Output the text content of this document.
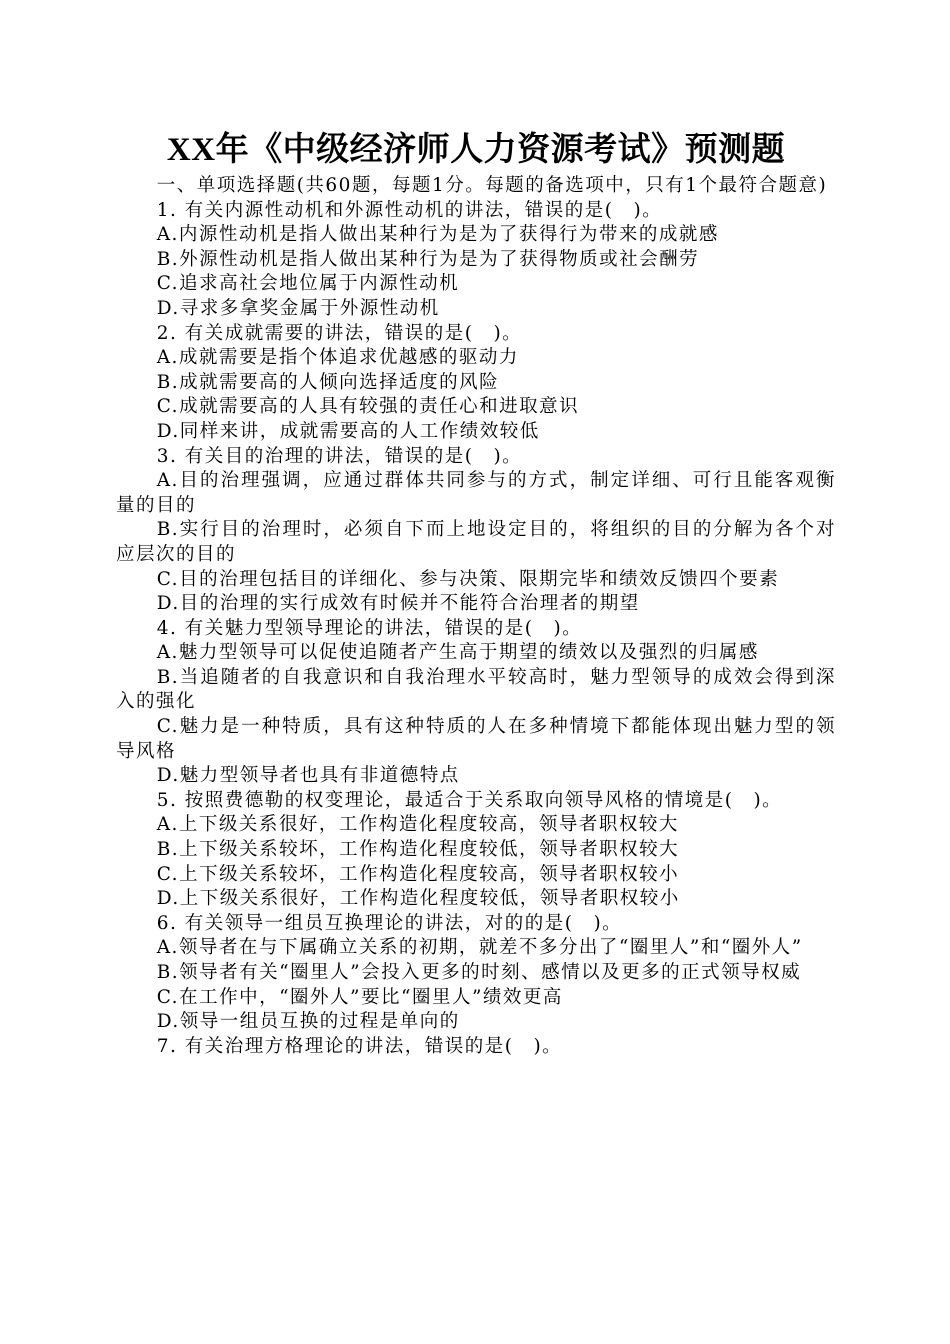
XX年《中级经济师人力资源考试》预测题

一、单项选择题(共60题，每题1分。每题的备选项中，只有1个最符合题意)

1. 有关内源性动机和外源性动机的讲法，错误的是(　)。

A.内源性动机是指人做出某种行为是为了获得行为带来的成就感

B.外源性动机是指人做出某种行为是为了获得物质或社会酬劳

C.追求高社会地位属于内源性动机

D.寻求多拿奖金属于外源性动机

2. 有关成就需要的讲法，错误的是(　)。

A.成就需要是指个体追求优越感的驱动力

B.成就需要高的人倾向选择适度的风险

C.成就需要高的人具有较强的责任心和进取意识

D.同样来讲，成就需要高的人工作绩效较低

3. 有关目的治理的讲法，错误的是(　)。

A.目的治理强调，应通过群体共同参与的方式，制定详细、可行且能客观衡量的目的

B.实行目的治理时，必须自下而上地设定目的，将组织的目的分解为各个对应层次的目的

C.目的治理包括目的详细化、参与决策、限期完毕和绩效反馈四个要素

D.目的治理的实行成效有时候并不能符合治理者的期望

4. 有关魅力型领导理论的讲法，错误的是(　)。

A.魅力型领导可以促使追随者产生高于期望的绩效以及强烈的归属感

B.当追随者的自我意识和自我治理水平较高时，魅力型领导的成效会得到深入的强化

C.魅力是一种特质，具有这种特质的人在多种情境下都能体现出魅力型的领导风格

D.魅力型领导者也具有非道德特点

5. 按照费德勒的权变理论，最适合于关系取向领导风格的情境是(　)。

A.上下级关系很好，工作构造化程度较高，领导者职权较大

B.上下级关系较坏，工作构造化程度较低，领导者职权较大

C.上下级关系较坏，工作构造化程度较高，领导者职权较小

D.上下级关系很好，工作构造化程度较低，领导者职权较小

6. 有关领导一组员互换理论的讲法，对的的是(　)。

A.领导者在与下属确立关系的初期，就差不多分出了“圈里人”和“圈外人”

B.领导者有关“圈里人”会投入更多的时刻、感情以及更多的正式领导权威

C.在工作中，“圈外人”要比“圈里人”绩效更高

D.领导一组员互换的过程是单向的

7. 有关治理方格理论的讲法，错误的是(　)。
